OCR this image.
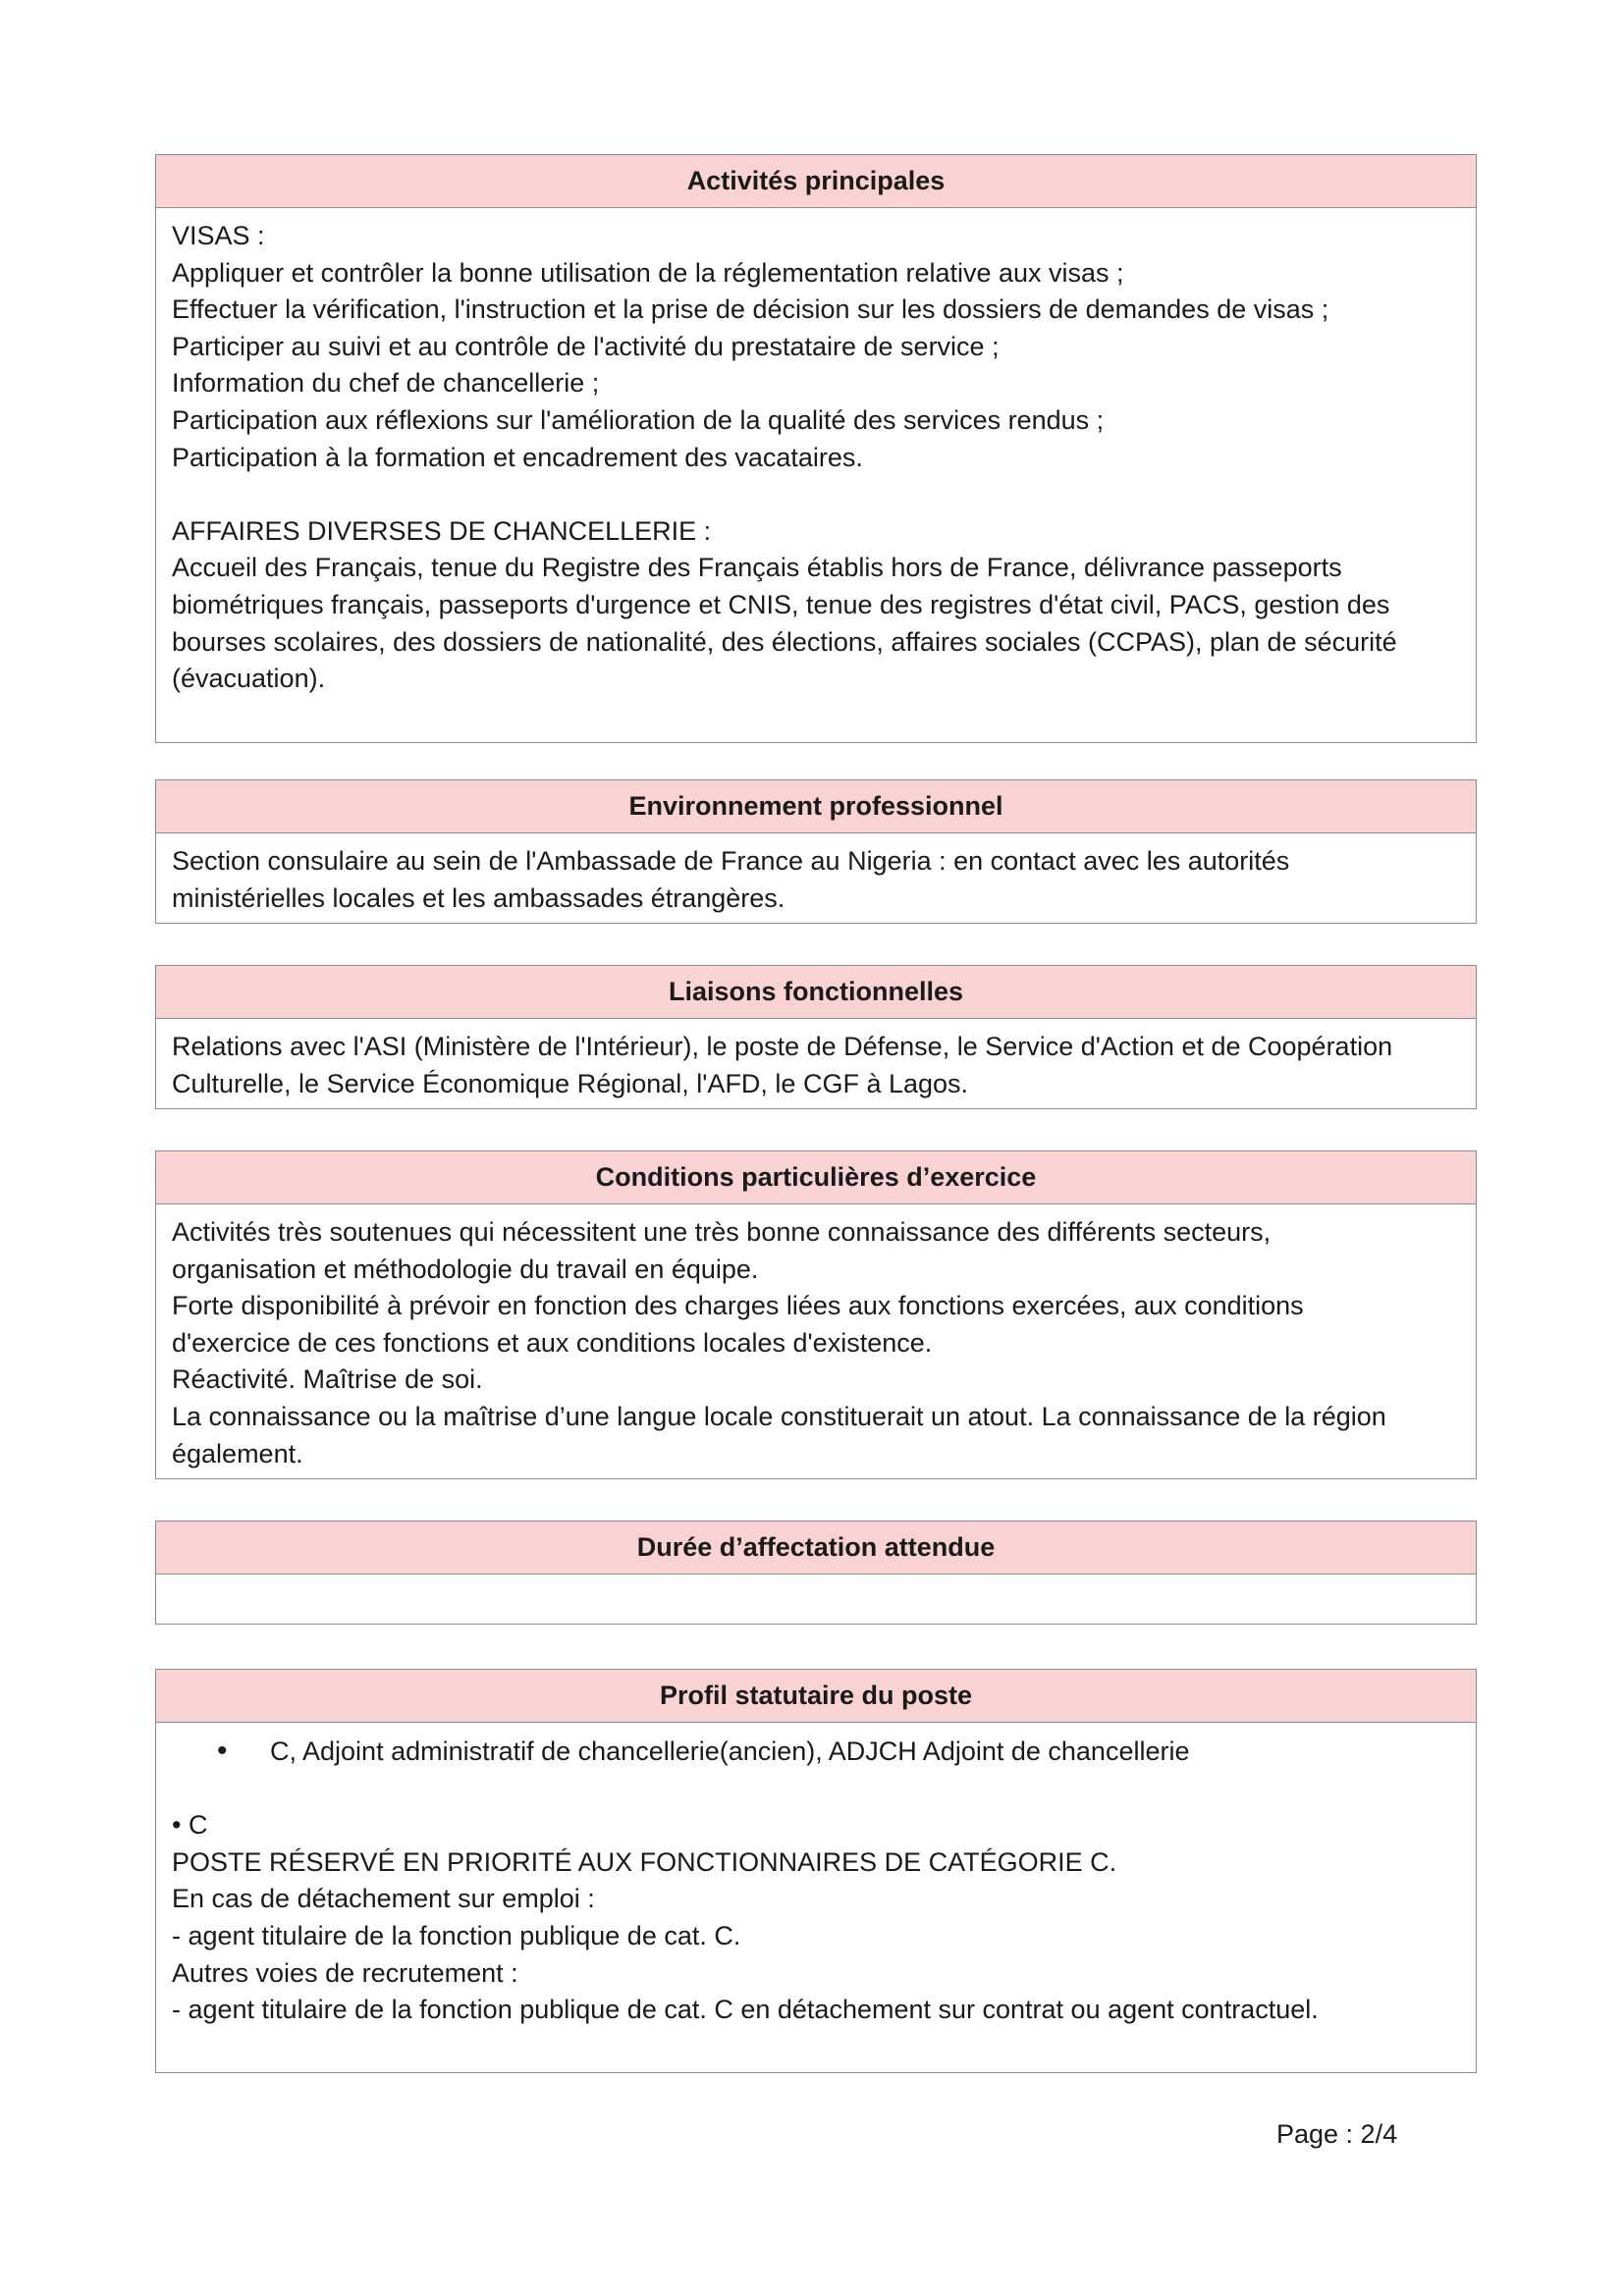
Activités principales
VISAS :
Appliquer et contrôler la bonne utilisation de la réglementation relative aux visas ;
Effectuer la vérification, l'instruction et la prise de décision sur les dossiers de demandes de visas ;
Participer au suivi et au contrôle de l'activité du prestataire de service ;
Information du chef de chancellerie ;
Participation aux réflexions sur l'amélioration de la qualité des services rendus ;
Participation à la formation et encadrement des vacataires.
AFFAIRES DIVERSES DE CHANCELLERIE :
Accueil des Français, tenue du Registre des Français établis hors de France, délivrance passeports
biométriques français, passeports d'urgence et CNIS, tenue des registres d'état civil, PACS, gestion des
bourses scolaires, des dossiers de nationalité, des élections, affaires sociales (CCPAS), plan de sécurité
(évacuation).
Environnement professionnel
Section consulaire au sein de l'Ambassade de France au Nigeria : en contact avec les autorités
ministérielles locales et les ambassades étrangères.
Liaisons fonctionnelles
Relations avec l'ASI (Ministère de l'Intérieur), le poste de Défense, le Service d'Action et de Coopération
Culturelle, le Service Économique Régional, l'AFD, le CGF à Lagos.
Conditions particulières d’exercice
Activités très soutenues qui nécessitent une très bonne connaissance des différents secteurs,
organisation et méthodologie du travail en équipe.
Forte disponibilité à prévoir en fonction des charges liées aux fonctions exercées, aux conditions
d'exercice de ces fonctions et aux conditions locales d'existence.
Réactivité. Maîtrise de soi.
La connaissance ou la maîtrise d’une langue locale constituerait un atout. La connaissance de la région
également.
Durée d’affectation attendue
Profil statutaire du poste
•	C, Adjoint administratif de chancellerie(ancien), ADJCH Adjoint de chancellerie
• C
POSTE RÉSERVÉ EN PRIORITÉ AUX FONCTIONNAIRES DE CATÉGORIE C.
En cas de détachement sur emploi :
- agent titulaire de la fonction publique de cat. C.
Autres voies de recrutement :
- agent titulaire de la fonction publique de cat. C en détachement sur contrat ou agent contractuel.
Page : 2/4
